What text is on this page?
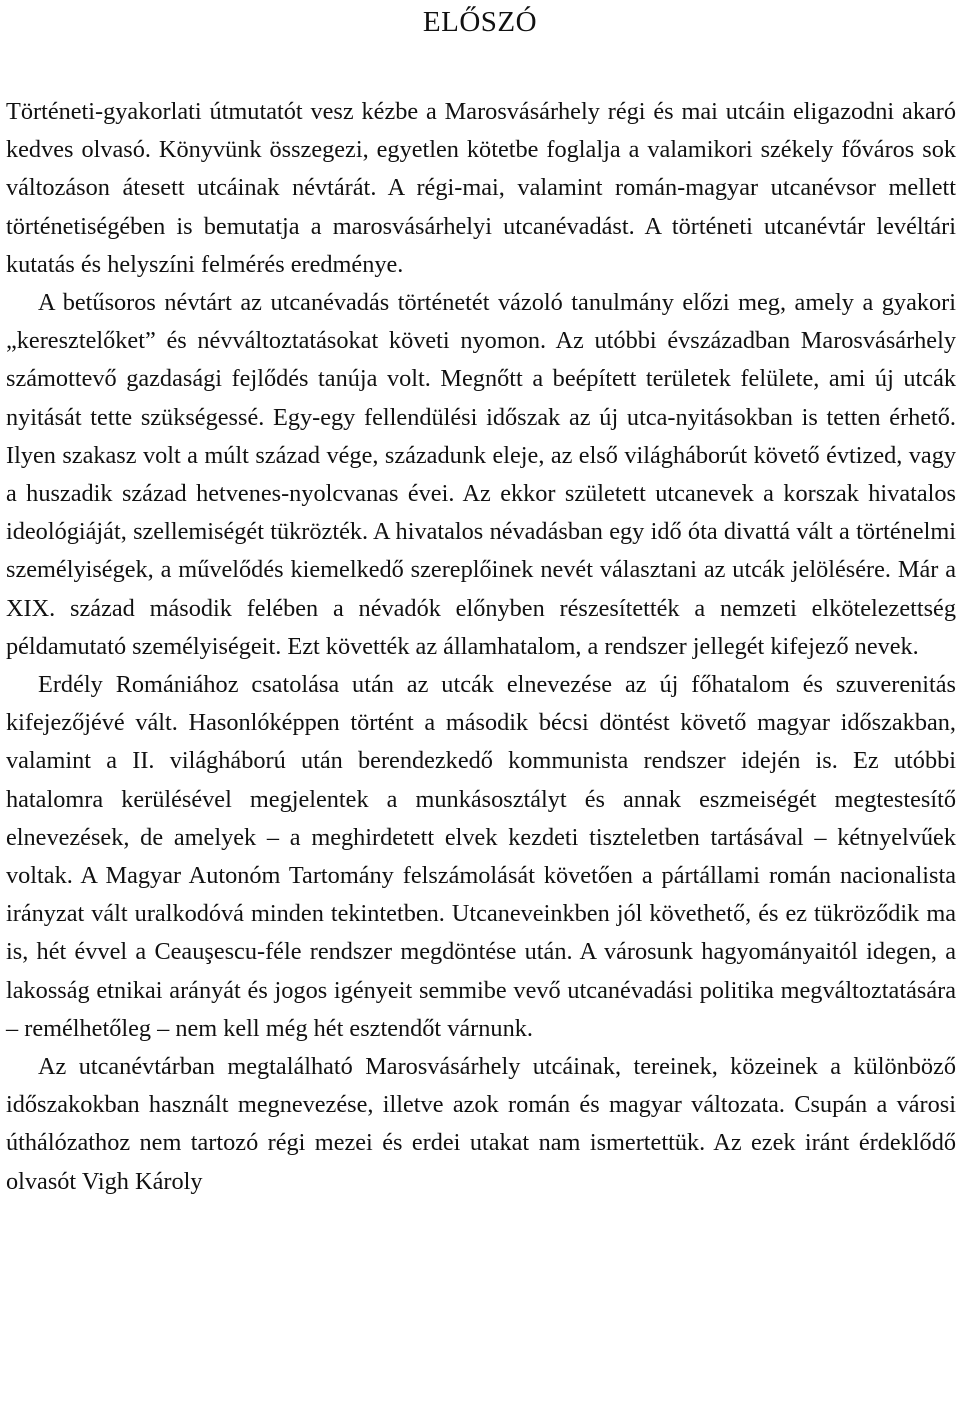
ELŐSZÓ

Történeti-gyakorlati útmutatót vesz kézbe a Marosvásárhely régi és mai utcáin eligazodni akaró kedves olvasó. Könyvünk összegezi, egyetlen kötetbe foglalja a valamikori székely főváros sok változáson átesett utcáinak névtárát. A régi-mai, valamint román-magyar utcanévsor mellett történetiségében is bemutatja a marosvásárhelyi utcanévadást. A történeti utcanévtár levéltári kutatás és helyszíni felmérés eredménye.

A betűsoros névtárt az utcanévadás történetét vázoló tanulmány előzi meg, amely a gyakori „keresztelőket” és névváltoztatásokat követi nyomon. Az utóbbi évszázadban Marosvásárhely számottevő gazdasági fejlődés tanúja volt. Megnőtt a beépített területek felülete, ami új utcák nyitását tette szükségessé. Egy-egy fellendülési időszak az új utca-nyitásokban is tetten érhető. Ilyen szakasz volt a múlt század vége, századunk eleje, az első világháborút követő évtized, vagy a huszadik század hetvenes-nyolcvanas évei. Az ekkor született utcanevek a korszak hivatalos ideológiáját, szellemiségét tükrözték. A hivatalos névadásban egy idő óta divattá vált a történelmi személyiségek, a művelődés kiemelkedő szereplőinek nevét választani az utcák jelölésére. Már a XIX. század második felében a névadók előnyben részesítették a nemzeti elkötelezettség példamutató személyiségeit. Ezt követték az államhatalom, a rendszer jellegét kifejező nevek.

Erdély Romániához csatolása után az utcák elnevezése az új főhatalom és szuverenitás kifejezőjévé vált. Hasonlóképpen történt a második bécsi döntést követő magyar időszakban, valamint a II. világháború után berendezkedő kommunista rendszer idején is. Ez utóbbi hatalomra kerülésével megjelentek a munkásosztályt és annak eszmeiségét megtestesítő elnevezések, de amelyek – a meghirdetett elvek kezdeti tiszteletben tartásával – kétnyelvűek voltak. A Magyar Autonóm Tartomány felszámolását követően a pártállami román nacionalista irányzat vált uralkodóvá minden tekintetben. Utcaneveinkben jól követhető, és ez tükröződik ma is, hét évvel a Ceauşescu-féle rendszer megdöntése után. A városunk hagyományaitól idegen, a lakosság etnikai arányát és jogos igényeit semmibe vevő utcanévadási politika megváltoztatására – remélhetőleg – nem kell még hét esztendőt várnunk.

Az utcanévtárban megtalálható Marosvásárhely utcáinak, tereinek, közeinek a különböző időszakokban használt megnevezése, illetve azok román és magyar változata. Csupán a városi úthálózathoz nem tartozó régi mezei és erdei utakat nam ismertettük. Az ezek iránt érdeklődő olvasót Vigh Károly
